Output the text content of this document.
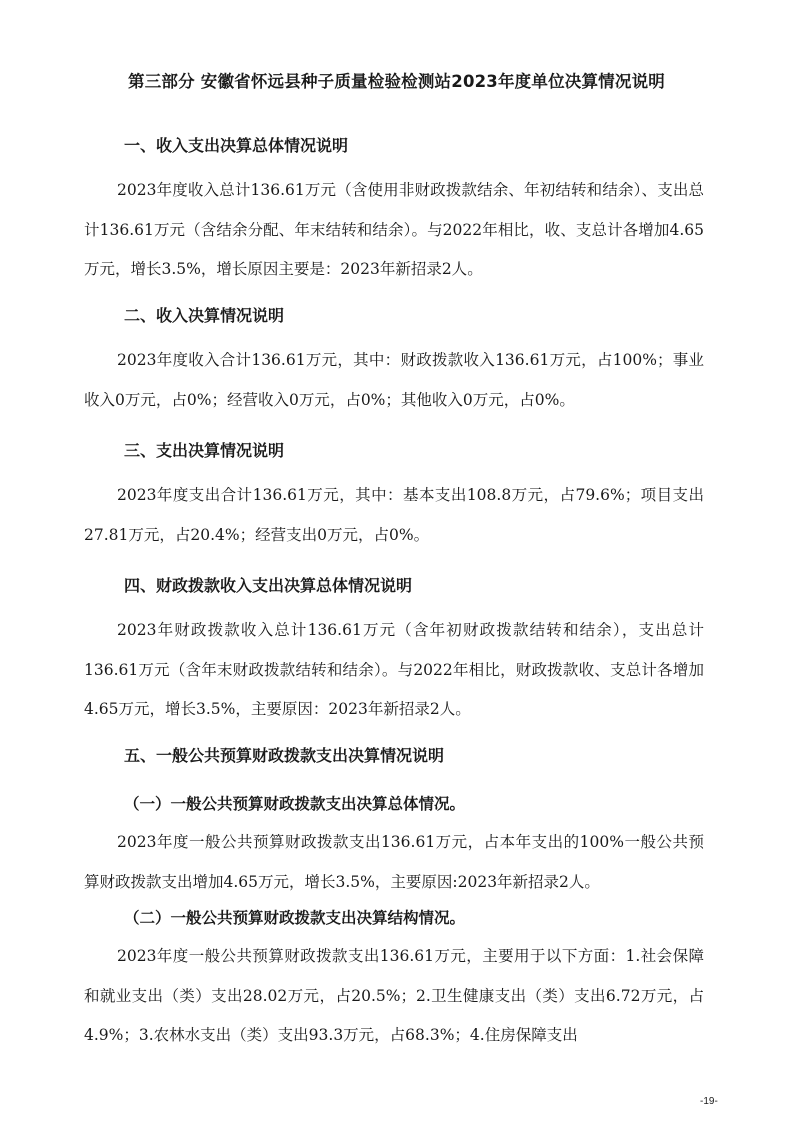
第三部分 安徽省怀远县种子质量检验检测站2023年度单位决算情况说明
一、收入支出决算总体情况说明
2023年度收入总计136.61万元（含使用非财政拨款结余、年初结转和结余）、支出总计136.61万元（含结余分配、年末结转和结余）。与2022年相比，收、支总计各增加4.65万元，增长3.5%，增长原因主要是：2023年新招录2人。
二、收入决算情况说明
2023年度收入合计136.61万元，其中：财政拨款收入136.61万元，占100%；事业收入0万元，占0%；经营收入0万元，占0%；其他收入0万元，占0%。
三、支出决算情况说明
2023年度支出合计136.61万元，其中：基本支出108.8万元，占79.6%；项目支出27.81万元，占20.4%；经营支出0万元，占0%。
四、财政拨款收入支出决算总体情况说明
2023年财政拨款收入总计136.61万元（含年初财政拨款结转和结余），支出总计136.61万元（含年末财政拨款结转和结余）。与2022年相比，财政拨款收、支总计各增加4.65万元，增长3.5%，主要原因：2023年新招录2人。
五、一般公共预算财政拨款支出决算情况说明
（一）一般公共预算财政拨款支出决算总体情况。
2023年度一般公共预算财政拨款支出136.61万元，占本年支出的100%一般公共预算财政拨款支出增加4.65万元，增长3.5%，主要原因:2023年新招录2人。
（二）一般公共预算财政拨款支出决算结构情况。
2023年度一般公共预算财政拨款支出136.61万元，主要用于以下方面：1.社会保障和就业支出（类）支出28.02万元，占20.5%；2.卫生健康支出（类）支出6.72万元，占4.9%；3.农林水支出（类）支出93.3万元，占68.3%；4.住房保障支出
-19-
